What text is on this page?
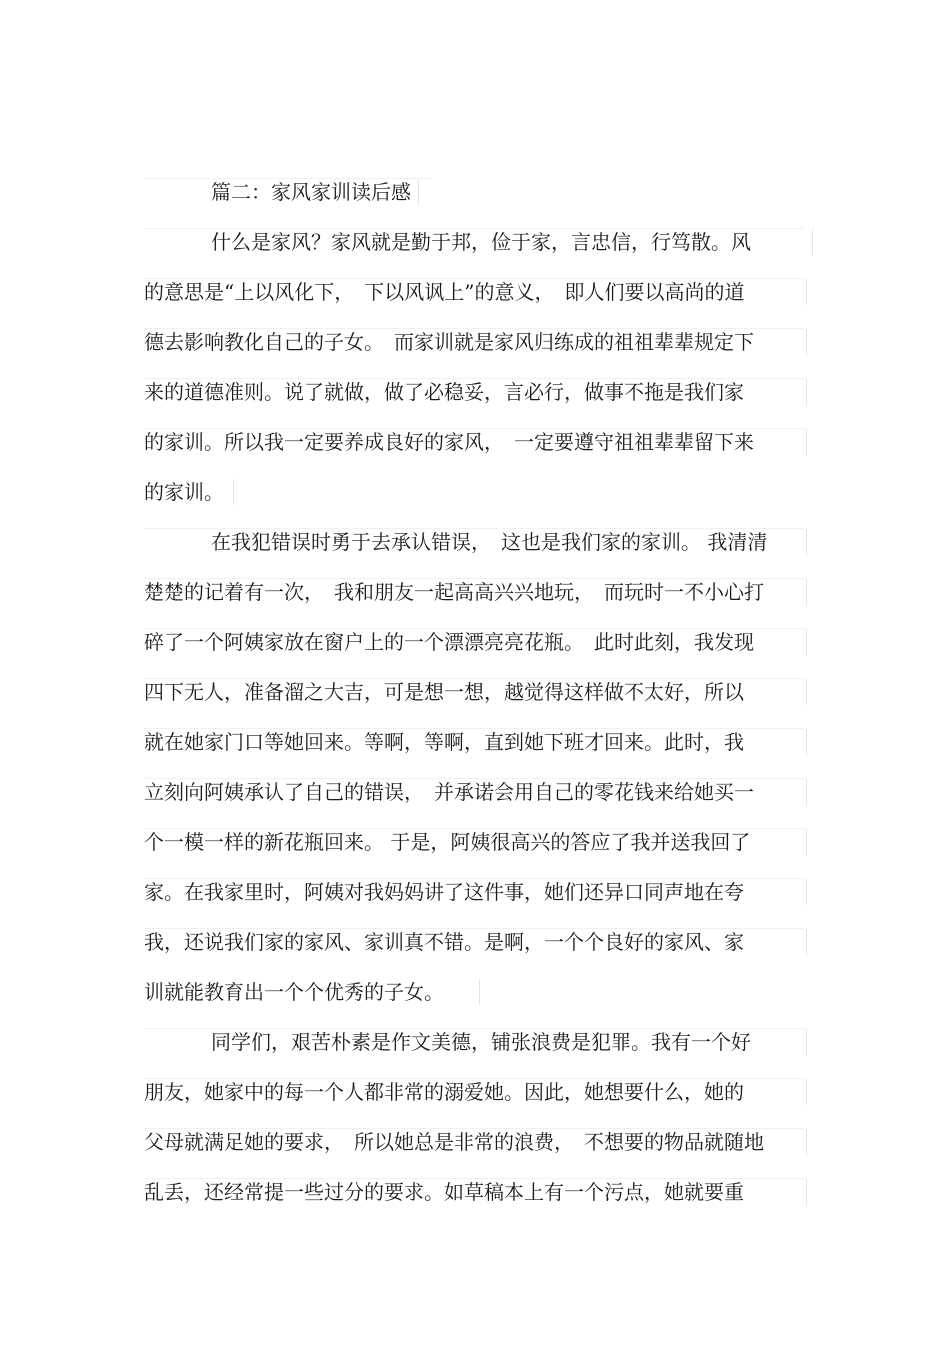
篇二：家风家训读后感
什么是家风？家风就是勤于邦，俭于家，言忠信，行笃散。风
的意思是“上以风化下，　下以风讽上”的意义，　即人们要以高尚的道
德去影响教化自己的子女。　而家训就是家风归练成的祖祖辈辈规定下
来的道德准则。说了就做，做了必稳妥，言必行，做事不拖是我们家
的家训。所以我一定要养成良好的家风，　一定要遵守祖祖辈辈留下来
的家训。
在我犯错误时勇于去承认错误，　这也是我们家的家训。 我清清
楚楚的记着有一次，　我和朋友一起高高兴兴地玩，　而玩时一不小心打
碎了一个阿姨家放在窗户上的一个漂漂亮亮花瓶。　此时此刻，我发现
四下无人，准备溜之大吉，可是想一想，越觉得这样做不太好，所以
就在她家门口等她回来。等啊，等啊，直到她下班才回来。此时，我
立刻向阿姨承认了自己的错误，　并承诺会用自己的零花钱来给她买一
个一模一样的新花瓶回来。 于是，阿姨很高兴的答应了我并送我回了
家。在我家里时，阿姨对我妈妈讲了这件事，她们还异口同声地在夸
我，还说我们家的家风、家训真不错。是啊，一个个良好的家风、家
训就能教育出一个个优秀的子女。
同学们，艰苦朴素是作文美德，铺张浪费是犯罪。我有一个好
朋友，她家中的每一个人都非常的溺爱她。因此，她想要什么，她的
父母就满足她的要求，　所以她总是非常的浪费，　不想要的物品就随地
乱丢，还经常提一些过分的要求。如草稿本上有一个污点，她就要重
